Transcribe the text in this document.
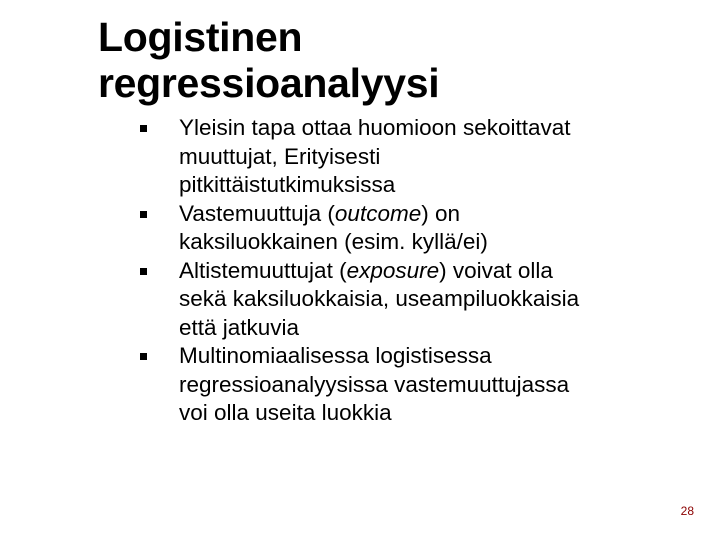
Logistinen
regressioanalyysi
Yleisin tapa ottaa huomioon sekoittavat
muuttujat, Erityisesti
pitkittäistutkimuksissa
Vastemuuttuja (outcome) on
kaksiluokkainen (esim. kyllä/ei)
Altistemuuttujat (exposure) voivat olla
sekä kaksiluokkaisia, useampiluokkaisia
että jatkuvia
Multinomiaalisessa logistisessa
regressioanalyysissa vastemuuttujassa
voi olla useita luokkia
28
